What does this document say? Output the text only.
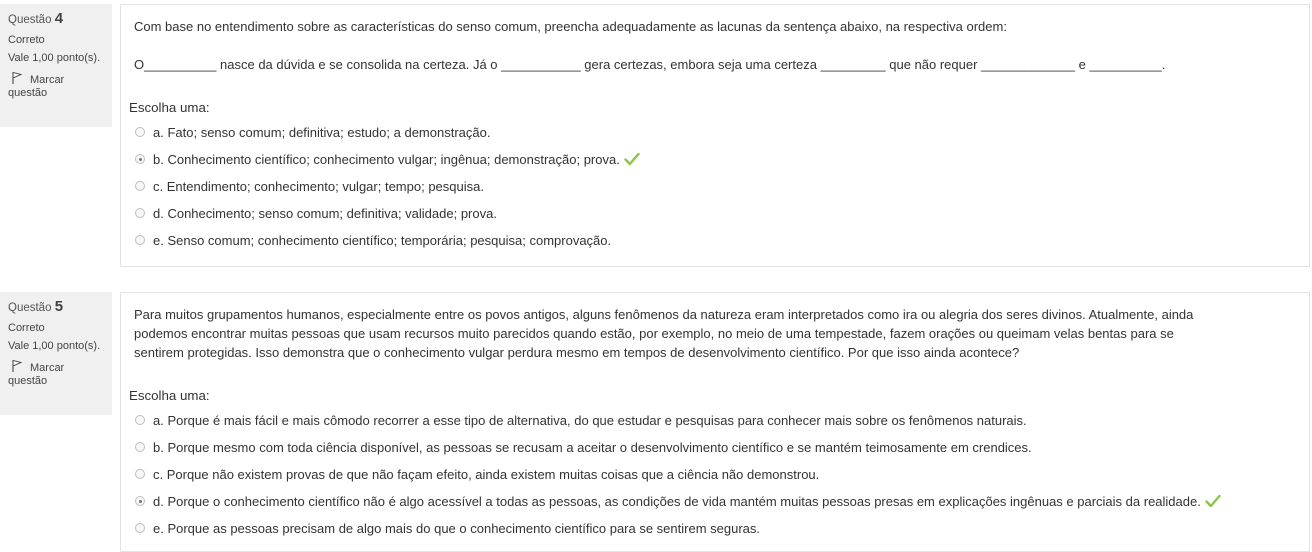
Questão 4
Correto
Vale 1,00 ponto(s).
Marcar
questão
Com base no entendimento sobre as características do senso comum, preencha adequadamente as lacunas da sentença abaixo, na respectiva ordem:
O__________ nasce da dúvida e se consolida na certeza. Já o ___________ gera certezas, embora seja uma certeza _________ que não requer _____________ e __________.
Escolha uma:
a. Fato; senso comum; definitiva; estudo; a demonstração.
b. Conhecimento científico; conhecimento vulgar; ingênua; demonstração; prova.
c. Entendimento; conhecimento; vulgar; tempo; pesquisa.
d. Conhecimento; senso comum; definitiva; validade; prova.
e. Senso comum; conhecimento científico; temporária; pesquisa; comprovação.
Questão 5
Correto
Vale 1,00 ponto(s).
Marcar
questão
Para muitos grupamentos humanos, especialmente entre os povos antigos, alguns fenômenos da natureza eram interpretados como ira ou alegria dos seres divinos. Atualmente, ainda
podemos encontrar muitas pessoas que usam recursos muito parecidos quando estão, por exemplo, no meio de uma tempestade, fazem orações ou queimam velas bentas para se
sentirem protegidas. Isso demonstra que o conhecimento vulgar perdura mesmo em tempos de desenvolvimento científico. Por que isso ainda acontece?
Escolha uma:
a. Porque é mais fácil e mais cômodo recorrer a esse tipo de alternativa, do que estudar e pesquisas para conhecer mais sobre os fenômenos naturais.
b. Porque mesmo com toda ciência disponível, as pessoas se recusam a aceitar o desenvolvimento científico e se mantém teimosamente em crendices.
c. Porque não existem provas de que não façam efeito, ainda existem muitas coisas que a ciência não demonstrou.
d. Porque o conhecimento científico não é algo acessível a todas as pessoas, as condições de vida mantém muitas pessoas presas em explicações ingênuas e parciais da realidade.
e. Porque as pessoas precisam de algo mais do que o conhecimento científico para se sentirem seguras.
